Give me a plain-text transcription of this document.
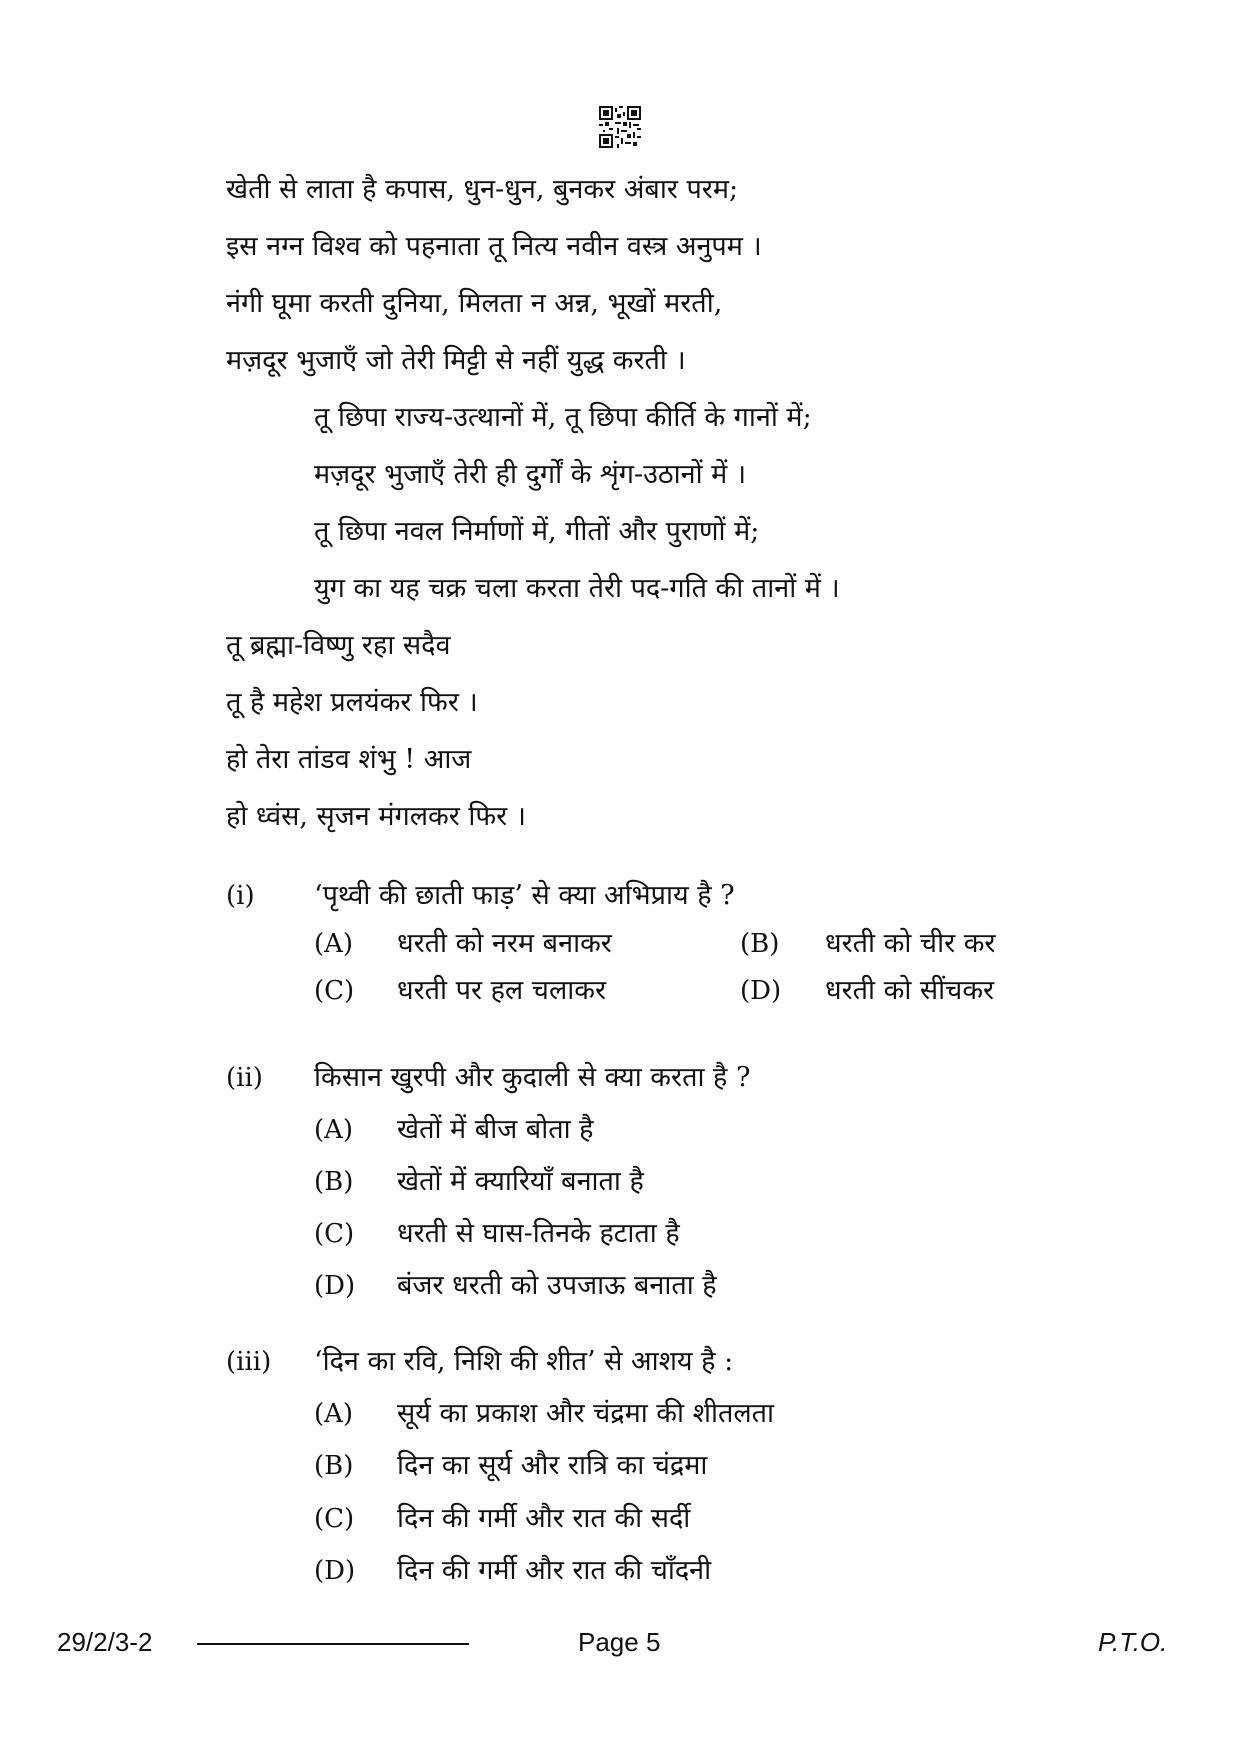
खेती से लाता है कपास, धुन-धुन, बुनकर अंबार परम;
इस नग्न विश्व को पहनाता तू नित्य नवीन वस्त्र अनुपम ।
नंगी घूमा करती दुनिया, मिलता न अन्न, भूखों मरती,
मज़दूर भुजाएँ जो तेरी मिट्टी से नहीं युद्ध करती ।
तू छिपा राज्य-उत्थानों में, तू छिपा कीर्ति के गानों में;
मज़दूर भुजाएँ तेरी ही दुर्गों के शृंग-उठानों में ।
तू छिपा नवल निर्माणों में, गीतों और पुराणों में;
युग का यह चक्र चला करता तेरी पद-गति की तानों में ।
तू ब्रह्मा-विष्णु रहा सदैव
तू है महेश प्रलयंकर फिर ।
हो तेरा तांडव शंभु ! आज
हो ध्वंस, सृजन मंगलकर फिर ।
(i) ‘पृथ्वी की छाती फाड़’ से क्या अभिप्राय है ?
(A) धरती को नरम बनाकर	(B) धरती को चीर कर
(C) धरती पर हल चलाकर	(D) धरती को सींचकर
(ii) किसान खुरपी और कुदाली से क्या करता है ?
(A) खेतों में बीज बोता है
(B) खेतों में क्यारियाँ बनाता है
(C) धरती से घास-तिनके हटाता है
(D) बंजर धरती को उपजाऊ बनाता है
(iii) ‘दिन का रवि, निशि की शीत’ से आशय है :
(A) सूर्य का प्रकाश और चंद्रमा की शीतलता
(B) दिन का सूर्य और रात्रि का चंद्रमा
(C) दिन की गर्मी और रात की सर्दी
(D) दिन की गर्मी और रात की चाँदनी
29/2/3-2	Page 5	P.T.O.
